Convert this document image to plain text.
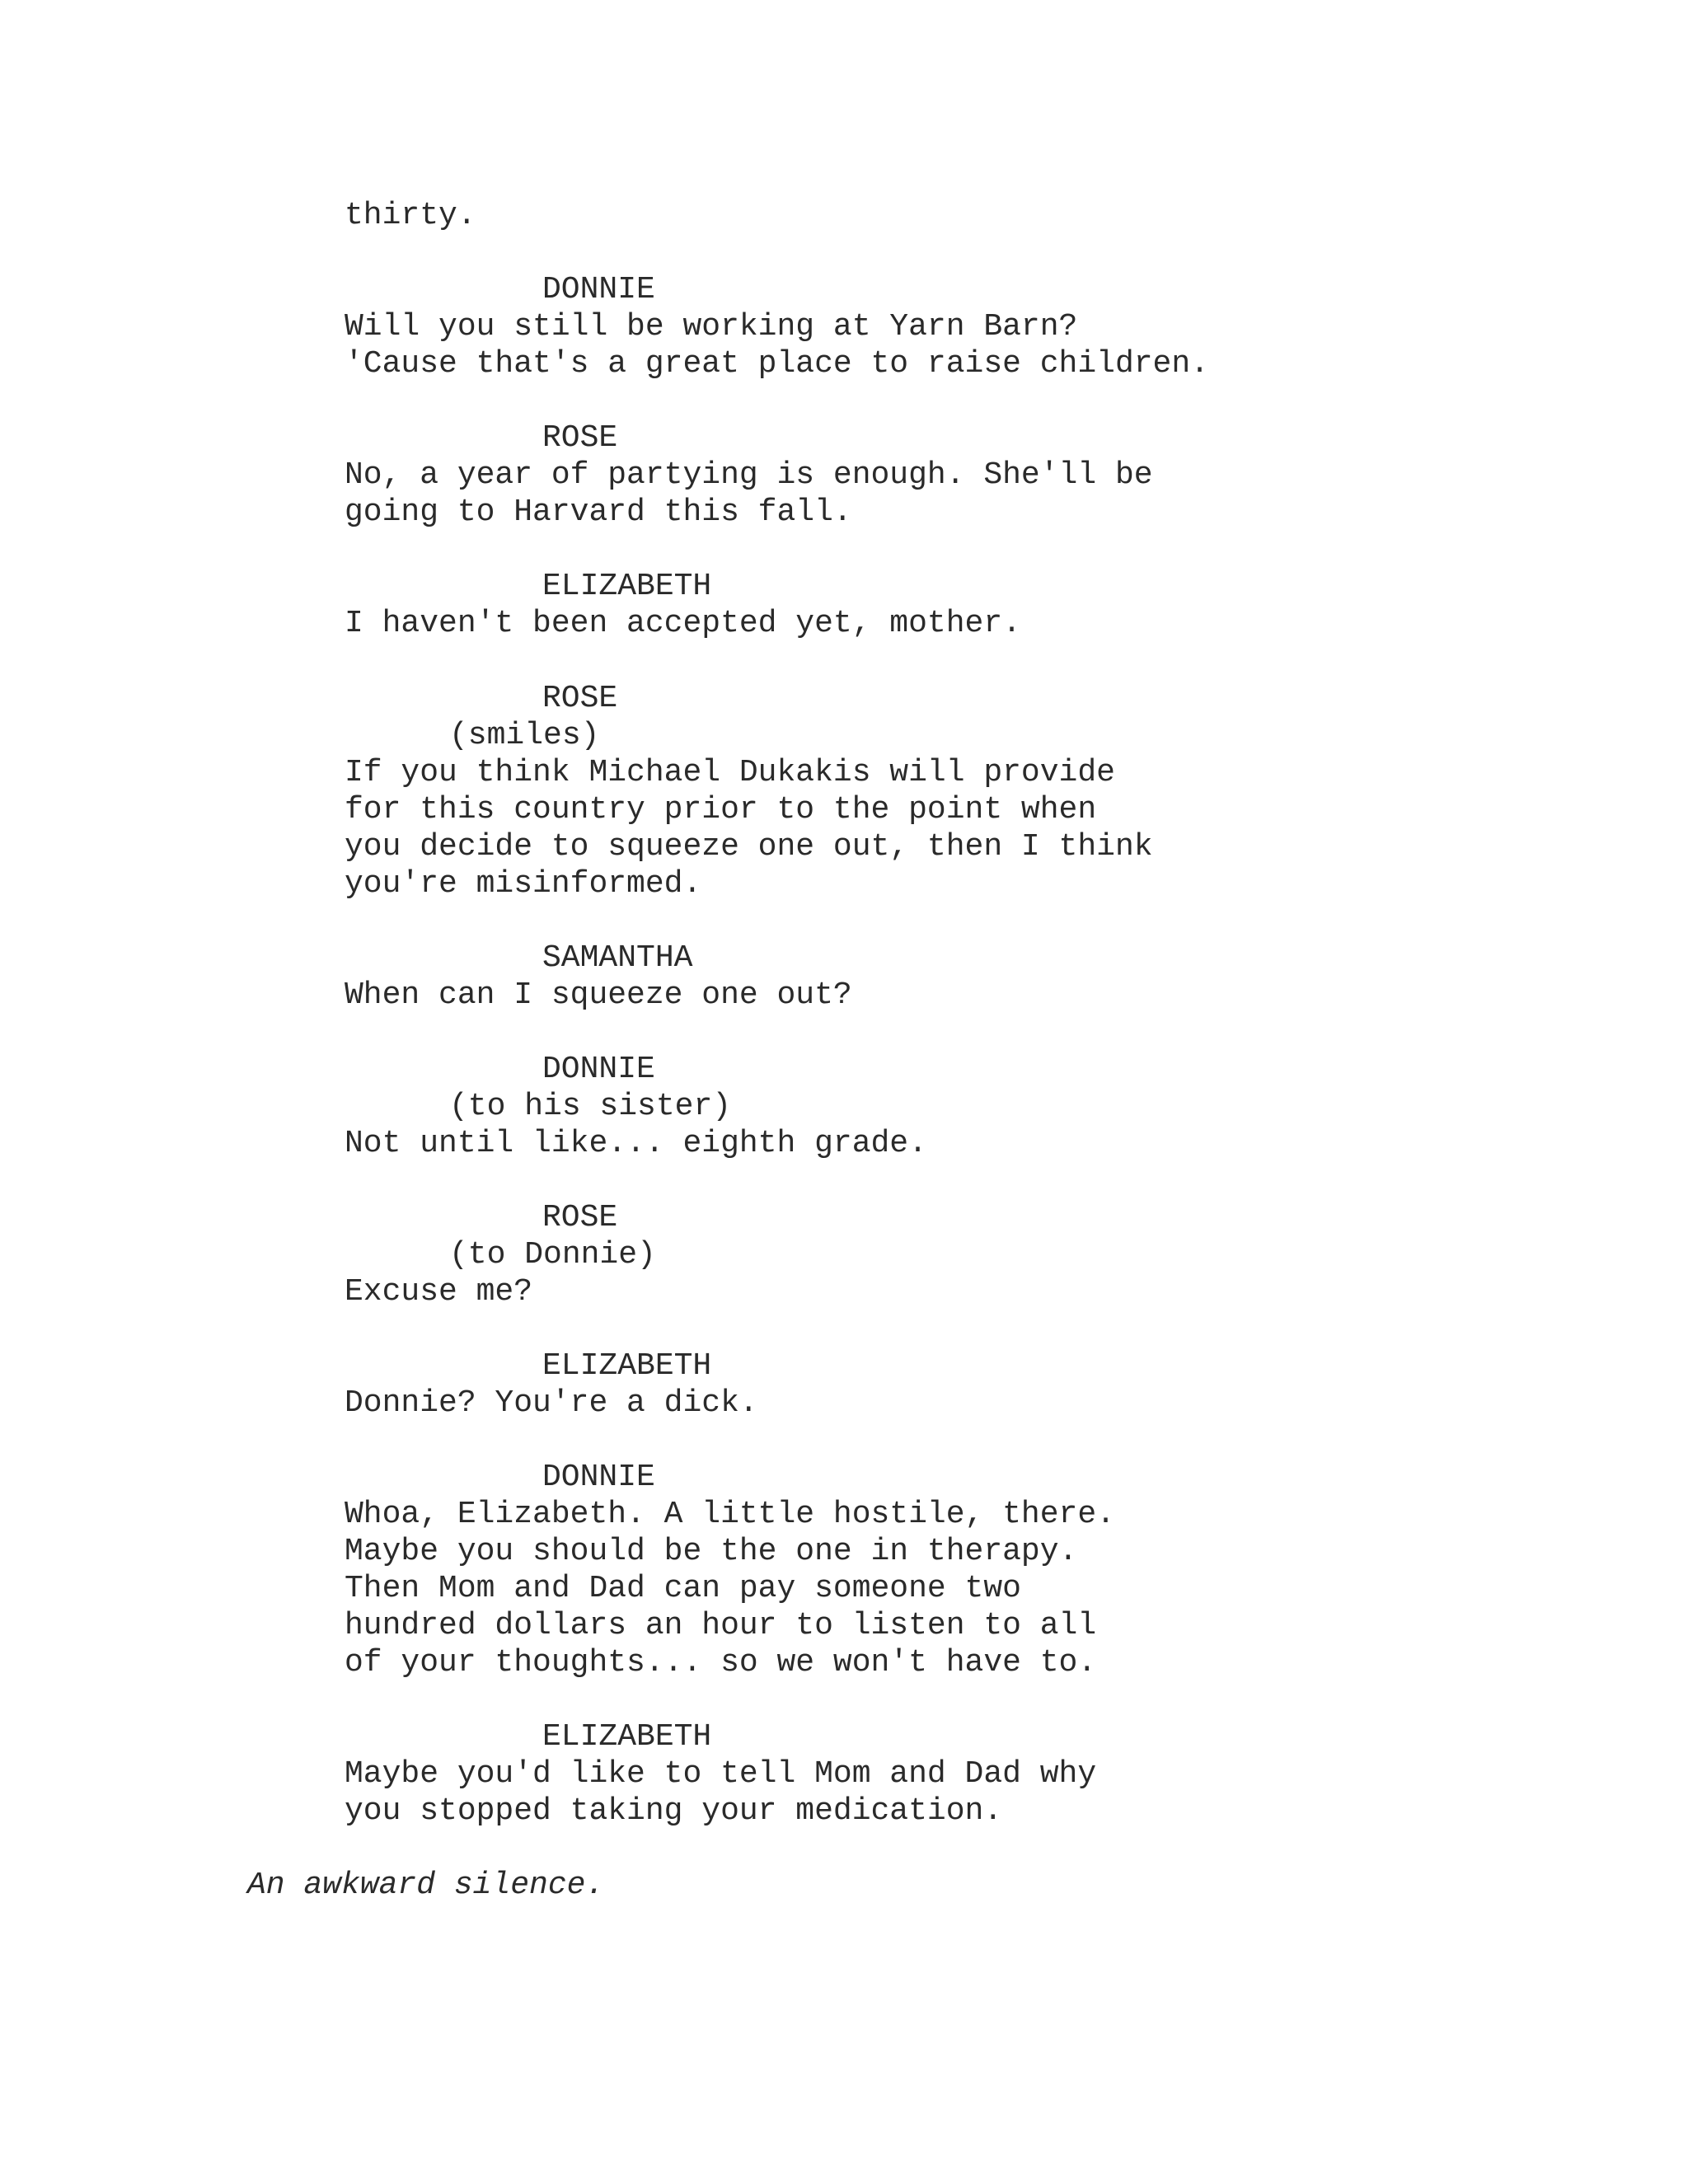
thirty.
DONNIE
Will you still be working at Yarn Barn?
'Cause that's a great place to raise children.
ROSE
No, a year of partying is enough. She'll be
going to Harvard this fall.
ELIZABETH
I haven't been accepted yet, mother.
ROSE
(smiles)
If you think Michael Dukakis will provide
for this country prior to the point when
you decide to squeeze one out, then I think
you're misinformed.
SAMANTHA
When can I squeeze one out?
DONNIE
(to his sister)
Not until like... eighth grade.
ROSE
(to Donnie)
Excuse me?
ELIZABETH
Donnie? You're a dick.
DONNIE
Whoa, Elizabeth. A little hostile, there.
Maybe you should be the one in therapy.
Then Mom and Dad can pay someone two
hundred dollars an hour to listen to all
of your thoughts... so we won't have to.
ELIZABETH
Maybe you'd like to tell Mom and Dad why
you stopped taking your medication.
An awkward silence.
